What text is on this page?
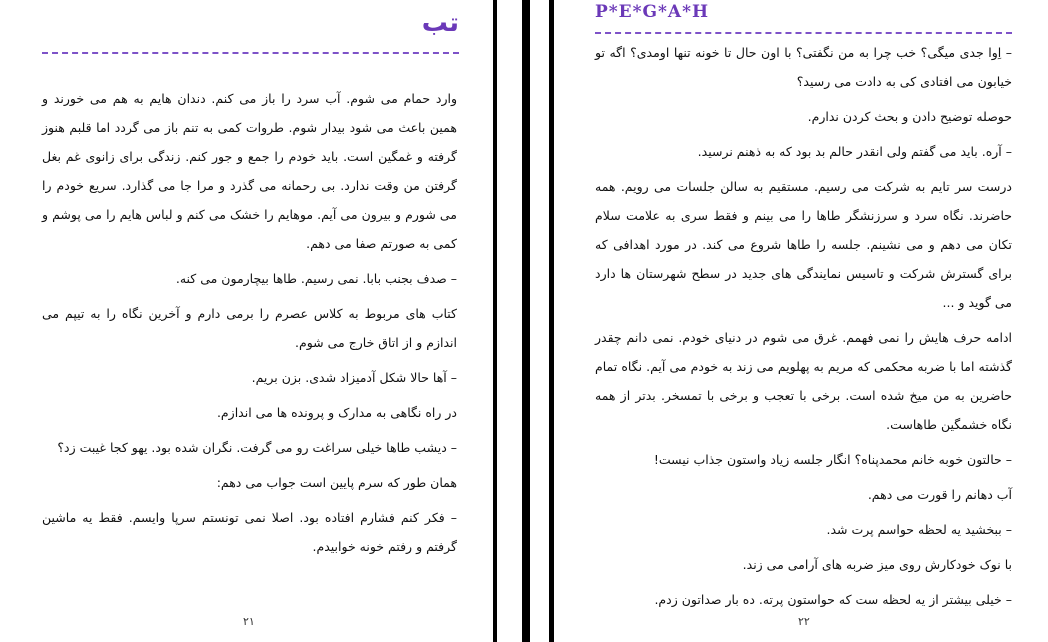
تب

وارد حمام می شوم. آب سرد را باز می کنم. دندان هایم به هم می خورند و همین باعث می شود بیدار شوم. طروات کمی به تنم باز می گردد اما قلبم هنوز گرفته و غمگین است. باید خودم را جمع و جور کنم. زندگی برای زانوی غم بغل گرفتن من وقت ندارد. بی رحمانه می گذرد و مرا جا می گذارد. سریع خودم را می شورم و بیرون می آیم. موهایم را خشک می کنم و لباس هایم را می پوشم و کمی به صورتم صفا می دهم.

– صدف بجنب بابا. نمی رسیم. طاها بیچارمون می کنه.

کتاب های مربوط به کلاس عصرم را برمی دارم و آخرین نگاه را به تیپم می اندازم و از اتاق خارج می شوم.

– آها حالا شکل آدمیزاد شدی. بزن بریم.

در راه نگاهی به مدارک و پرونده ها می اندازم.

– دیشب طاها خیلی سراغت رو می گرفت. نگران شده بود. یهو کجا غیبت زد؟

همان طور که سرم پایین است جواب می دهم:

– فکر کنم فشارم افتاده بود. اصلا نمی تونستم سرپا وایسم. فقط یه ماشین گرفتم و رفتم خونه خوابیدم.

۲۱
P*E*G*A*H

– اِوا جدی میگی؟ خب چرا به من نگفتی؟ با اون حال تا خونه تنها اومدی؟ اگه تو خیابون می افتادی کی به دادت می رسید؟

حوصله توضیح دادن و بحث کردن ندارم.

– آره. باید می گفتم ولی انقدر حالم بد بود که به ذهنم نرسید.

درست سر تایم به شرکت می رسیم. مستقیم به سالن جلسات می رویم. همه حاضرند. نگاه سرد و سرزنشگر طاها را می بینم و فقط سری به علامت سلام تکان می دهم و می نشینم. جلسه را طاها شروع می کند. در مورد اهدافی که برای گسترش شرکت و تاسیس نمایندگی های جدید در سطح شهرستان ها دارد می گوید و ...

ادامه حرف هایش را نمی فهمم. غرق می شوم در دنیای خودم. نمی دانم چقدر گذشته اما با ضربه محکمی که مریم به پهلویم می زند به خودم می آیم. نگاه تمام حاضرین به من میخ شده است. برخی با تعجب و برخی با تمسخر. بدتر از همه نگاه خشمگین طاهاست.

– حالتون خوبه خانم محمدپناه؟ انگار جلسه زیاد واستون جذاب نیست!

آب دهانم را قورت می دهم.

– ببخشید یه لحظه حواسم پرت شد.

با نوک خودکارش روی میز ضربه های آرامی می زند.

– خیلی بیشتر از یه لحظه ست که حواستون پرته. ده بار صداتون زدم.

۲۲
